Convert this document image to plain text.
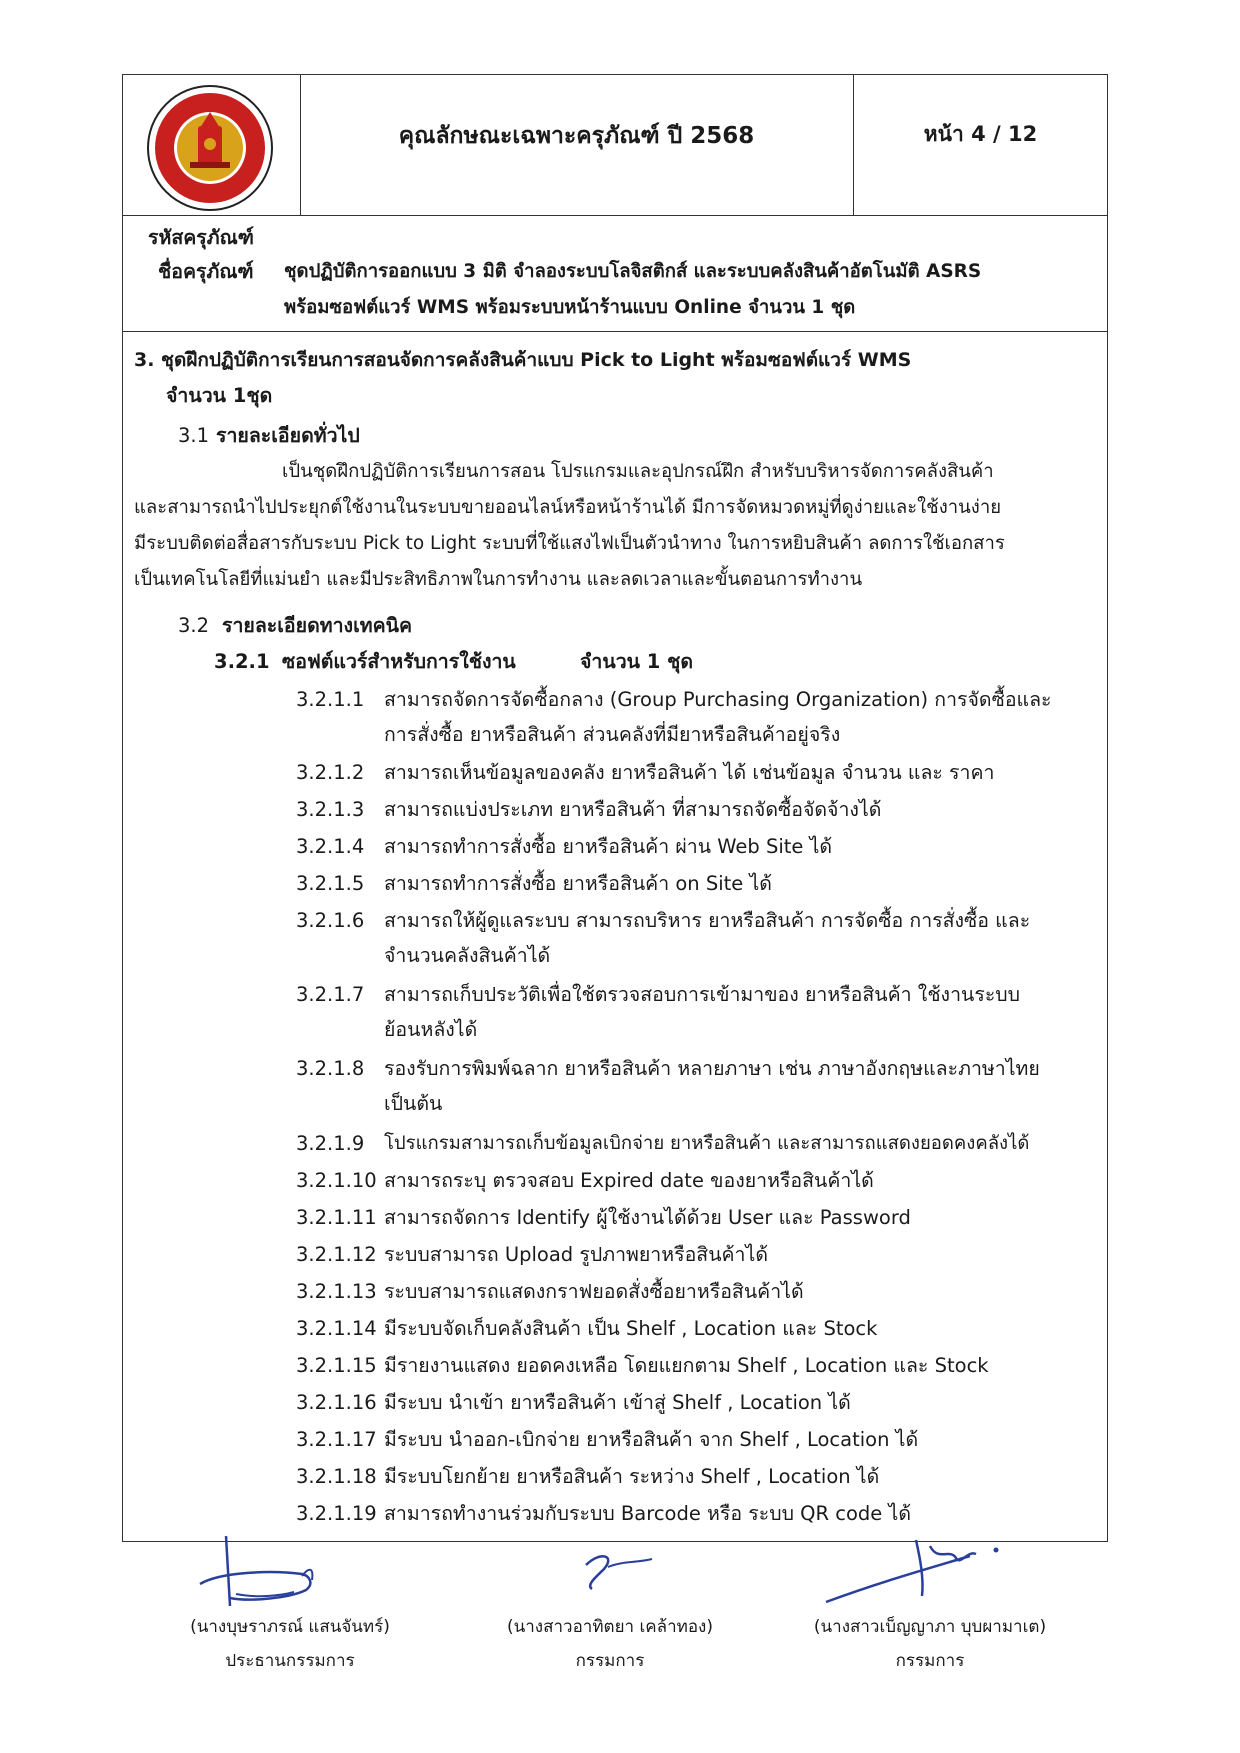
คุณลักษณะเฉพาะครุภัณฑ์ ปี 2568	หน้า 4 / 12
รหัสครุภัณฑ์
ชื่อครุภัณฑ์ ชุดปฏิบัติการออกแบบ 3 มิติ จำลองระบบโลจิสติกส์ และระบบคลังสินค้าอัตโนมัติ ASRS
พร้อมซอฟต์แวร์ WMS พร้อมระบบหน้าร้านแบบ Online จำนวน 1 ชุด
3. ชุดฝึกปฏิบัติการเรียนการสอนจัดการคลังสินค้าแบบ Pick to Light พร้อมซอฟต์แวร์ WMS
จำนวน 1ชุด
3.1 รายละเอียดทั่วไป
เป็นชุดฝึกปฏิบัติการเรียนการสอน โปรแกรมและอุปกรณ์ฝึก สำหรับบริหารจัดการคลังสินค้า
และสามารถนำไปประยุกต์ใช้งานในระบบขายออนไลน์หรือหน้าร้านได้ มีการจัดหมวดหมู่ที่ดูง่ายและใช้งานง่าย
มีระบบติดต่อสื่อสารกับระบบ Pick to Light ระบบที่ใช้แสงไฟเป็นตัวนำทาง ในการหยิบสินค้า ลดการใช้เอกสาร
เป็นเทคโนโลยีที่แม่นยำ และมีประสิทธิภาพในการทำงาน และลดเวลาและขั้นตอนการทำงาน
3.2 รายละเอียดทางเทคนิค
3.2.1 ซอฟต์แวร์สำหรับการใช้งาน	จำนวน 1 ชุด
3.2.1.1 สามารถจัดการจัดซื้อกลาง (Group Purchasing Organization) การจัดซื้อและ
การสั่งซื้อ ยาหรือสินค้า ส่วนคลังที่มียาหรือสินค้าอยู่จริง
3.2.1.2 สามารถเห็นข้อมูลของคลัง ยาหรือสินค้า ได้ เช่นข้อมูล จำนวน และ ราคา
3.2.1.3 สามารถแบ่งประเภท ยาหรือสินค้า ที่สามารถจัดซื้อจัดจ้างได้
3.2.1.4 สามารถทำการสั่งซื้อ ยาหรือสินค้า ผ่าน Web Site ได้
3.2.1.5 สามารถทำการสั่งซื้อ ยาหรือสินค้า on Site ได้
3.2.1.6 สามารถให้ผู้ดูแลระบบ สามารถบริหาร ยาหรือสินค้า การจัดซื้อ การสั่งซื้อ และ
จำนวนคลังสินค้าได้
3.2.1.7 สามารถเก็บประวัติเพื่อใช้ตรวจสอบการเข้ามาของ ยาหรือสินค้า ใช้งานระบบ
ย้อนหลังได้
3.2.1.8 รองรับการพิมพ์ฉลาก ยาหรือสินค้า หลายภาษา เช่น ภาษาอังกฤษและภาษาไทย
เป็นต้น
3.2.1.9 โปรแกรมสามารถเก็บข้อมูลเบิกจ่าย ยาหรือสินค้า และสามารถแสดงยอดคงคลังได้
3.2.1.10 สามารถระบุ ตรวจสอบ Expired date ของยาหรือสินค้าได้
3.2.1.11 สามารถจัดการ Identify ผู้ใช้งานได้ด้วย User และ Password
3.2.1.12 ระบบสามารถ Upload รูปภาพยาหรือสินค้าได้
3.2.1.13 ระบบสามารถแสดงกราฟยอดสั่งซื้อยาหรือสินค้าได้
3.2.1.14 มีระบบจัดเก็บคลังสินค้า เป็น Shelf , Location และ Stock
3.2.1.15 มีรายงานแสดง ยอดคงเหลือ โดยแยกตาม Shelf , Location และ Stock
3.2.1.16 มีระบบ นำเข้า ยาหรือสินค้า เข้าสู่ Shelf , Location ได้
3.2.1.17 มีระบบ นำออก-เบิกจ่าย ยาหรือสินค้า จาก Shelf , Location ได้
3.2.1.18 มีระบบโยกย้าย ยาหรือสินค้า ระหว่าง Shelf , Location ได้
3.2.1.19 สามารถทำงานร่วมกับระบบ Barcode หรือ ระบบ QR code ได้
(นางบุษราภรณ์ แสนจันทร์)
ประธานกรรมการ
(นางสาวอาทิตยา เคล้าทอง)
กรรมการ
(นางสาวเบ็ญญาภา บุบผามาเต)
กรรมการ
